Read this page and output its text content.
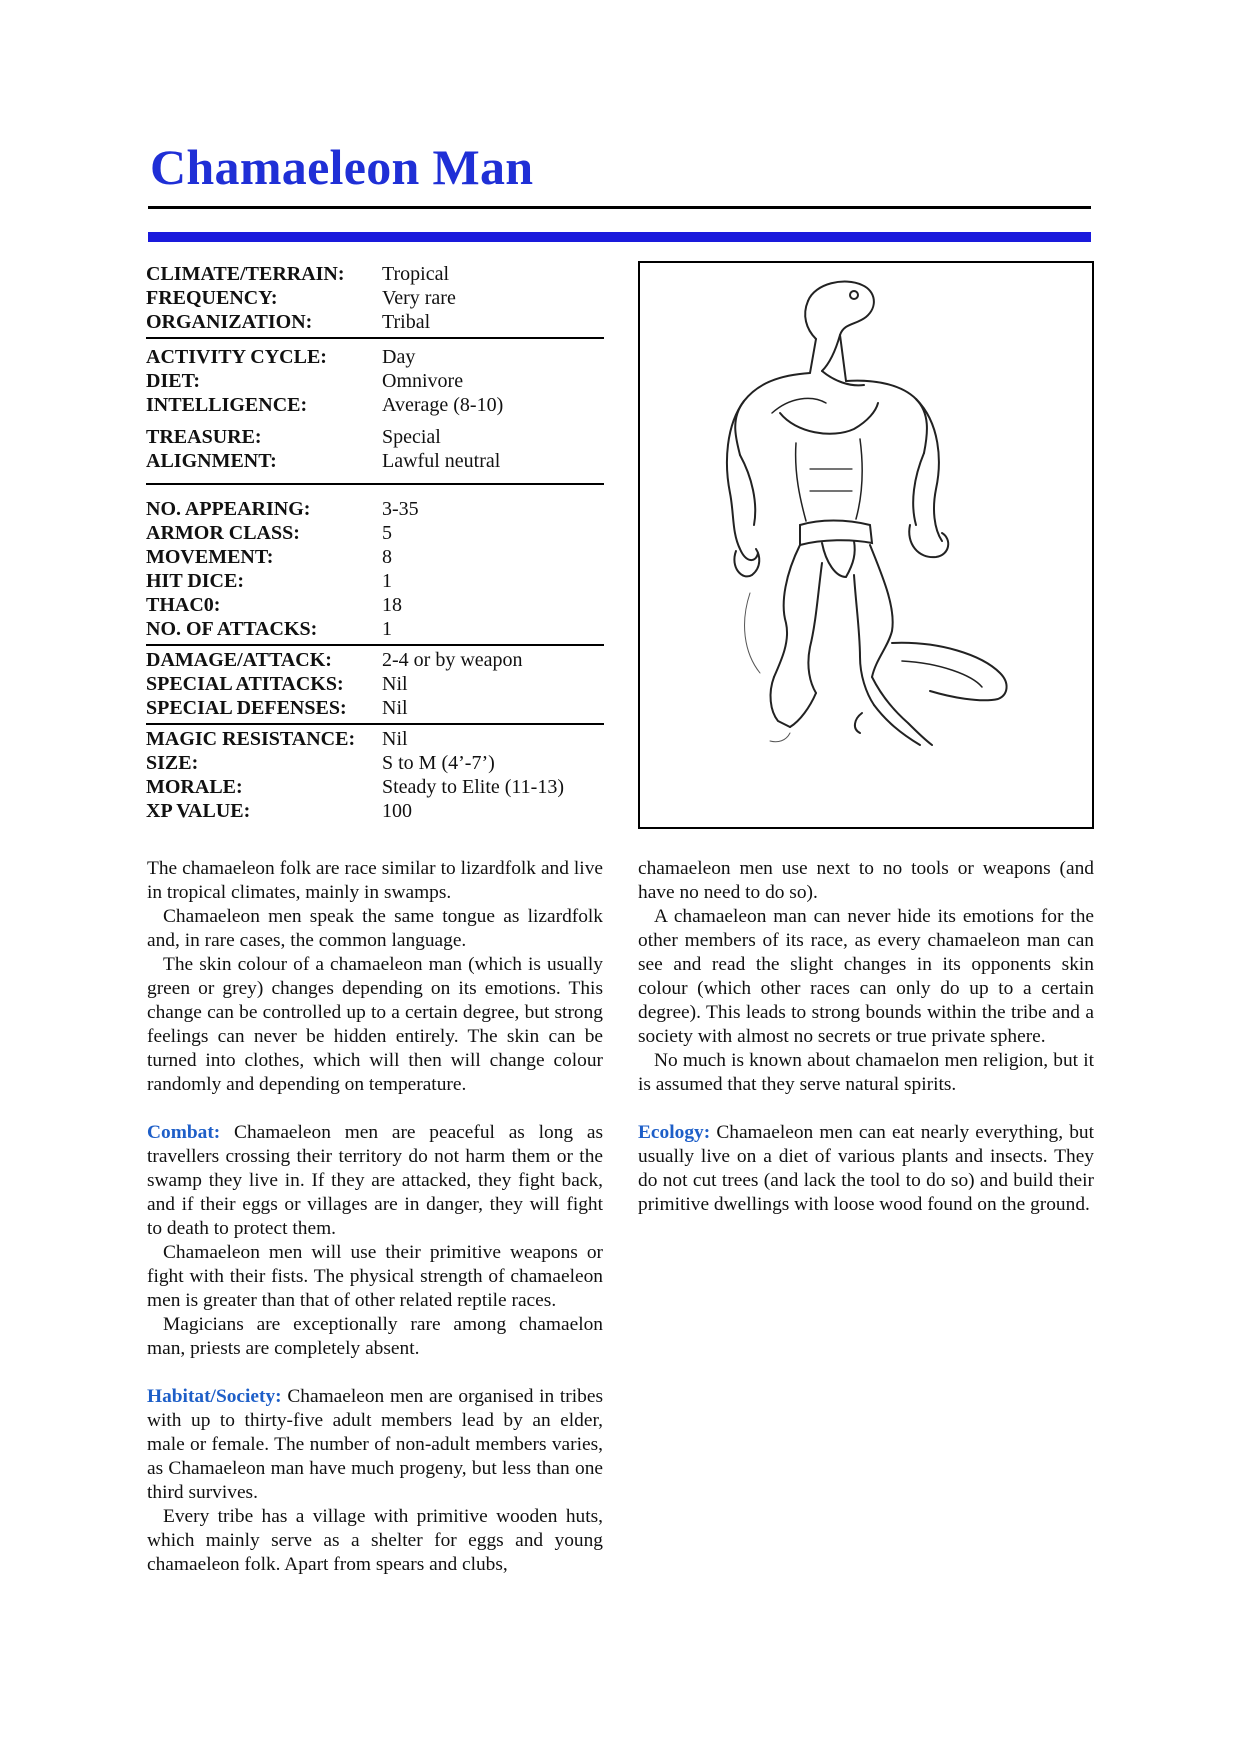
Chamaeleon Man
CLIMATE/TERRAIN:	Tropical
FREQUENCY:	Very rare
ORGANIZATION:	Tribal
ACTIVITY CYCLE:	Day
DIET:	Omnivore
INTELLIGENCE:	Average (8-10)
TREASURE:	Special
ALIGNMENT:	Lawful neutral
NO. APPEARING:	3-35
ARMOR CLASS:	5
MOVEMENT:	8
HIT DICE:	1
THAC0:	18
NO. OF ATTACKS:	1
DAMAGE/ATTACK:	2-4 or by weapon
SPECIAL ATITACKS:	Nil
SPECIAL DEFENSES:	Nil
MAGIC RESISTANCE:	Nil
SIZE:	S to M (4’-7’)
MORALE:	Steady to Elite (11-13)
XP VALUE:	100

The chamaeleon folk are race similar to lizardfolk and live in tropical climates, mainly in swamps.

Chamaeleon men speak the same tongue as lizardfolk and, in rare cases, the common language.

The skin colour of a chamaeleon man (which is usually green or grey) changes depending on its emotions. This change can be controlled up to a certain degree, but strong feelings can never be hidden entirely. The skin can be turned into clothes, which will then will change colour randomly and depending on temperature.

Combat: Chamaeleon men are peaceful as long as travellers crossing their territory do not harm them or the swamp they live in. If they are attacked, they fight back, and if their eggs or villages are in danger, they will fight to death to protect them.

Chamaeleon men will use their primitive weapons or fight with their fists. The physical strength of chamaeleon men is greater than that of other related reptile races.

Magicians are exceptionally rare among chamaelon man, priests are completely absent.

Habitat/Society: Chamaeleon men are organised in tribes with up to thirty-five adult members lead by an elder, male or female. The number of non-adult members varies, as Chamaeleon man have much progeny, but less than one third survives.

Every tribe has a village with primitive wooden huts, which mainly serve as a shelter for eggs and young chamaeleon folk. Apart from spears and clubs,

chamaeleon men use next to no tools or weapons (and have no need to do so).

A chamaeleon man can never hide its emotions for the other members of its race, as every chamaeleon man can see and read the slight changes in its opponents skin colour (which other races can only do up to a certain degree). This leads to strong bounds within the tribe and a society with almost no secrets or true private sphere.

No much is known about chamaelon men religion, but it is assumed that they serve natural spirits.

Ecology: Chamaeleon men can eat nearly everything, but usually live on a diet of various plants and insects. They do not cut trees (and lack the tool to do so) and build their primitive dwellings with loose wood found on the ground.
